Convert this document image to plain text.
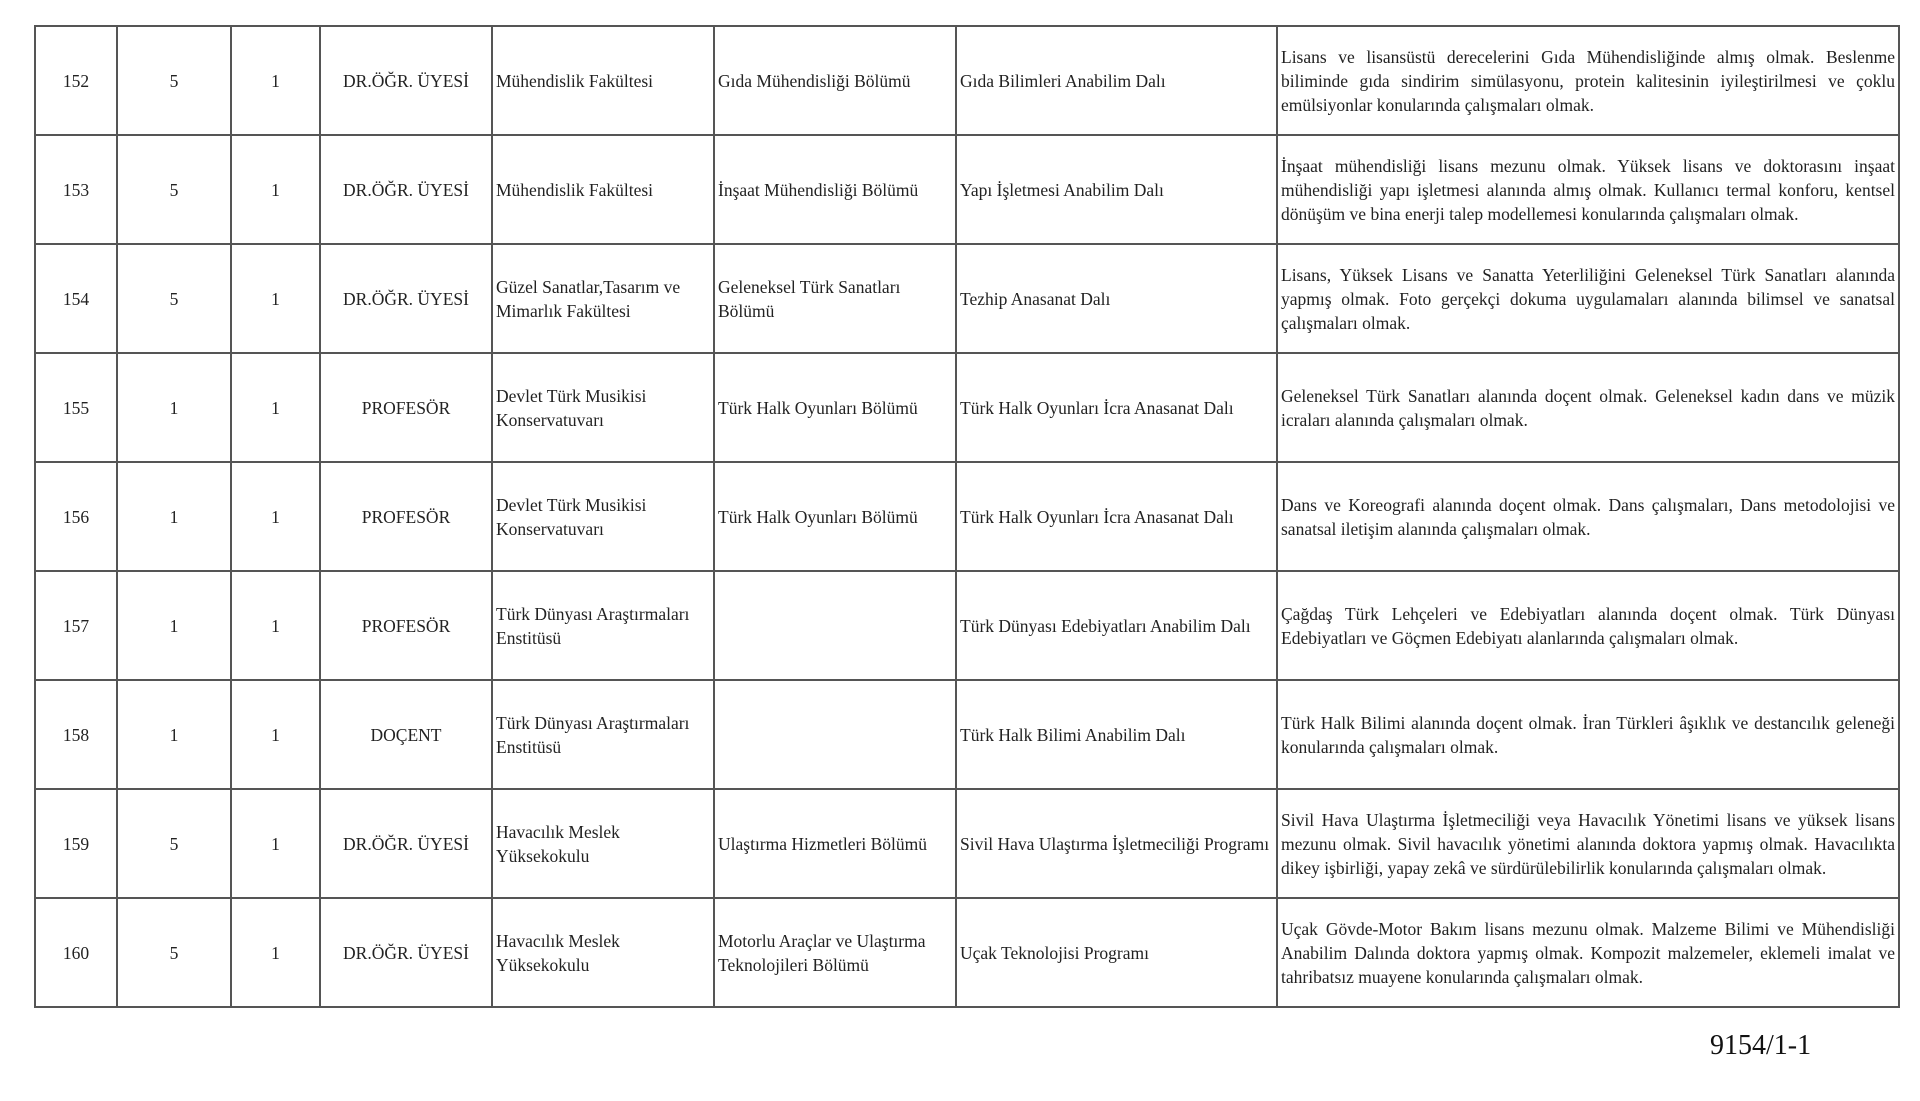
152	5	1	DR.ÖĞR. ÜYESİ	Mühendislik Fakültesi	Gıda Mühendisliği Bölümü	Gıda Bilimleri Anabilim Dalı	Lisans ve lisansüstü derecelerini Gıda Mühendisliğinde almış olmak. Beslenme biliminde gıda sindirim simülasyonu, protein kalitesinin iyileştirilmesi ve çoklu emülsiyonlar konularında çalışmaları olmak.
153	5	1	DR.ÖĞR. ÜYESİ	Mühendislik Fakültesi	İnşaat Mühendisliği Bölümü	Yapı İşletmesi Anabilim Dalı	İnşaat mühendisliği lisans mezunu olmak. Yüksek lisans ve doktorasını inşaat mühendisliği yapı işletmesi alanında almış olmak. Kullanıcı termal konforu, kentsel dönüşüm ve bina enerji talep modellemesi konularında çalışmaları olmak.
154	5	1	DR.ÖĞR. ÜYESİ	Güzel Sanatlar,Tasarım ve Mimarlık Fakültesi	Geleneksel Türk Sanatları Bölümü	Tezhip Anasanat Dalı	Lisans, Yüksek Lisans ve Sanatta Yeterliliğini Geleneksel Türk Sanatları alanında yapmış olmak. Foto gerçekçi dokuma uygulamaları alanında bilimsel ve sanatsal çalışmaları olmak.
155	1	1	PROFESÖR	Devlet Türk Musikisi Konservatuvarı	Türk Halk Oyunları Bölümü	Türk Halk Oyunları İcra Anasanat Dalı	Geleneksel Türk Sanatları alanında doçent olmak. Geleneksel kadın dans ve müzik icraları alanında çalışmaları olmak.
156	1	1	PROFESÖR	Devlet Türk Musikisi Konservatuvarı	Türk Halk Oyunları Bölümü	Türk Halk Oyunları İcra Anasanat Dalı	Dans ve Koreografi alanında doçent olmak. Dans çalışmaları, Dans metodolojisi ve sanatsal iletişim alanında çalışmaları olmak.
157	1	1	PROFESÖR	Türk Dünyası Araştırmaları Enstitüsü		Türk Dünyası Edebiyatları Anabilim Dalı	Çağdaş Türk Lehçeleri ve Edebiyatları alanında doçent olmak. Türk Dünyası Edebiyatları ve Göçmen Edebiyatı alanlarında çalışmaları olmak.
158	1	1	DOÇENT	Türk Dünyası Araştırmaları Enstitüsü		Türk Halk Bilimi Anabilim Dalı	Türk Halk Bilimi alanında doçent olmak. İran Türkleri âşıklık ve destancılık geleneği konularında çalışmaları olmak.
159	5	1	DR.ÖĞR. ÜYESİ	Havacılık Meslek Yüksekokulu	Ulaştırma Hizmetleri Bölümü	Sivil Hava Ulaştırma İşletmeciliği Programı	Sivil Hava Ulaştırma İşletmeciliği veya Havacılık Yönetimi lisans ve yüksek lisans mezunu olmak. Sivil havacılık yönetimi alanında doktora yapmış olmak. Havacılıkta dikey işbirliği, yapay zekâ ve sürdürülebilirlik konularında çalışmaları olmak.
160	5	1	DR.ÖĞR. ÜYESİ	Havacılık Meslek Yüksekokulu	Motorlu Araçlar ve Ulaştırma Teknolojileri Bölümü	Uçak Teknolojisi Programı	Uçak Gövde-Motor Bakım lisans mezunu olmak. Malzeme Bilimi ve Mühendisliği Anabilim Dalında doktora yapmış olmak. Kompozit malzemeler, eklemeli imalat ve tahribatsız muayene konularında çalışmaları olmak.
9154/1-1
